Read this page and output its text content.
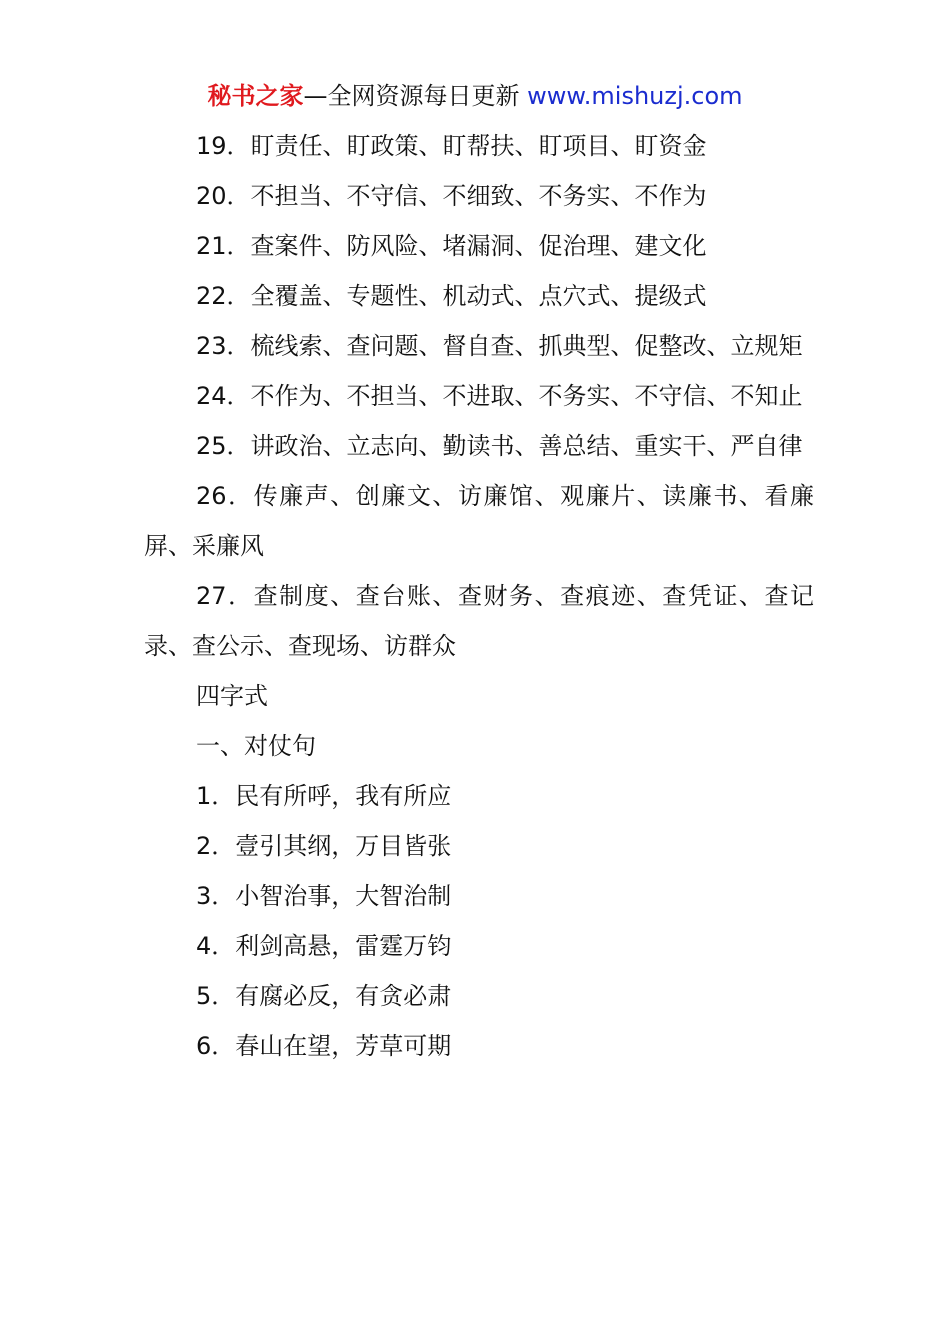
秘书之家—全网资源每日更新 www.mishuzj.com

19．盯责任、盯政策、盯帮扶、盯项目、盯资金

20．不担当、不守信、不细致、不务实、不作为

21．查案件、防风险、堵漏洞、促治理、建文化

22．全覆盖、专题性、机动式、点穴式、提级式

23．梳线索、查问题、督自查、抓典型、促整改、立规矩

24．不作为、不担当、不进取、不务实、不守信、不知止

25．讲政治、立志向、勤读书、善总结、重实干、严自律

26．传廉声、创廉文、访廉馆、观廉片、读廉书、看廉屏、采廉风

27．查制度、查台账、查财务、查痕迹、查凭证、查记录、查公示、查现场、访群众

四字式

一、对仗句

1．民有所呼，我有所应

2．壹引其纲，万目皆张

3．小智治事，大智治制

4．利剑高悬，雷霆万钧

5．有腐必反，有贪必肃

6．春山在望，芳草可期
